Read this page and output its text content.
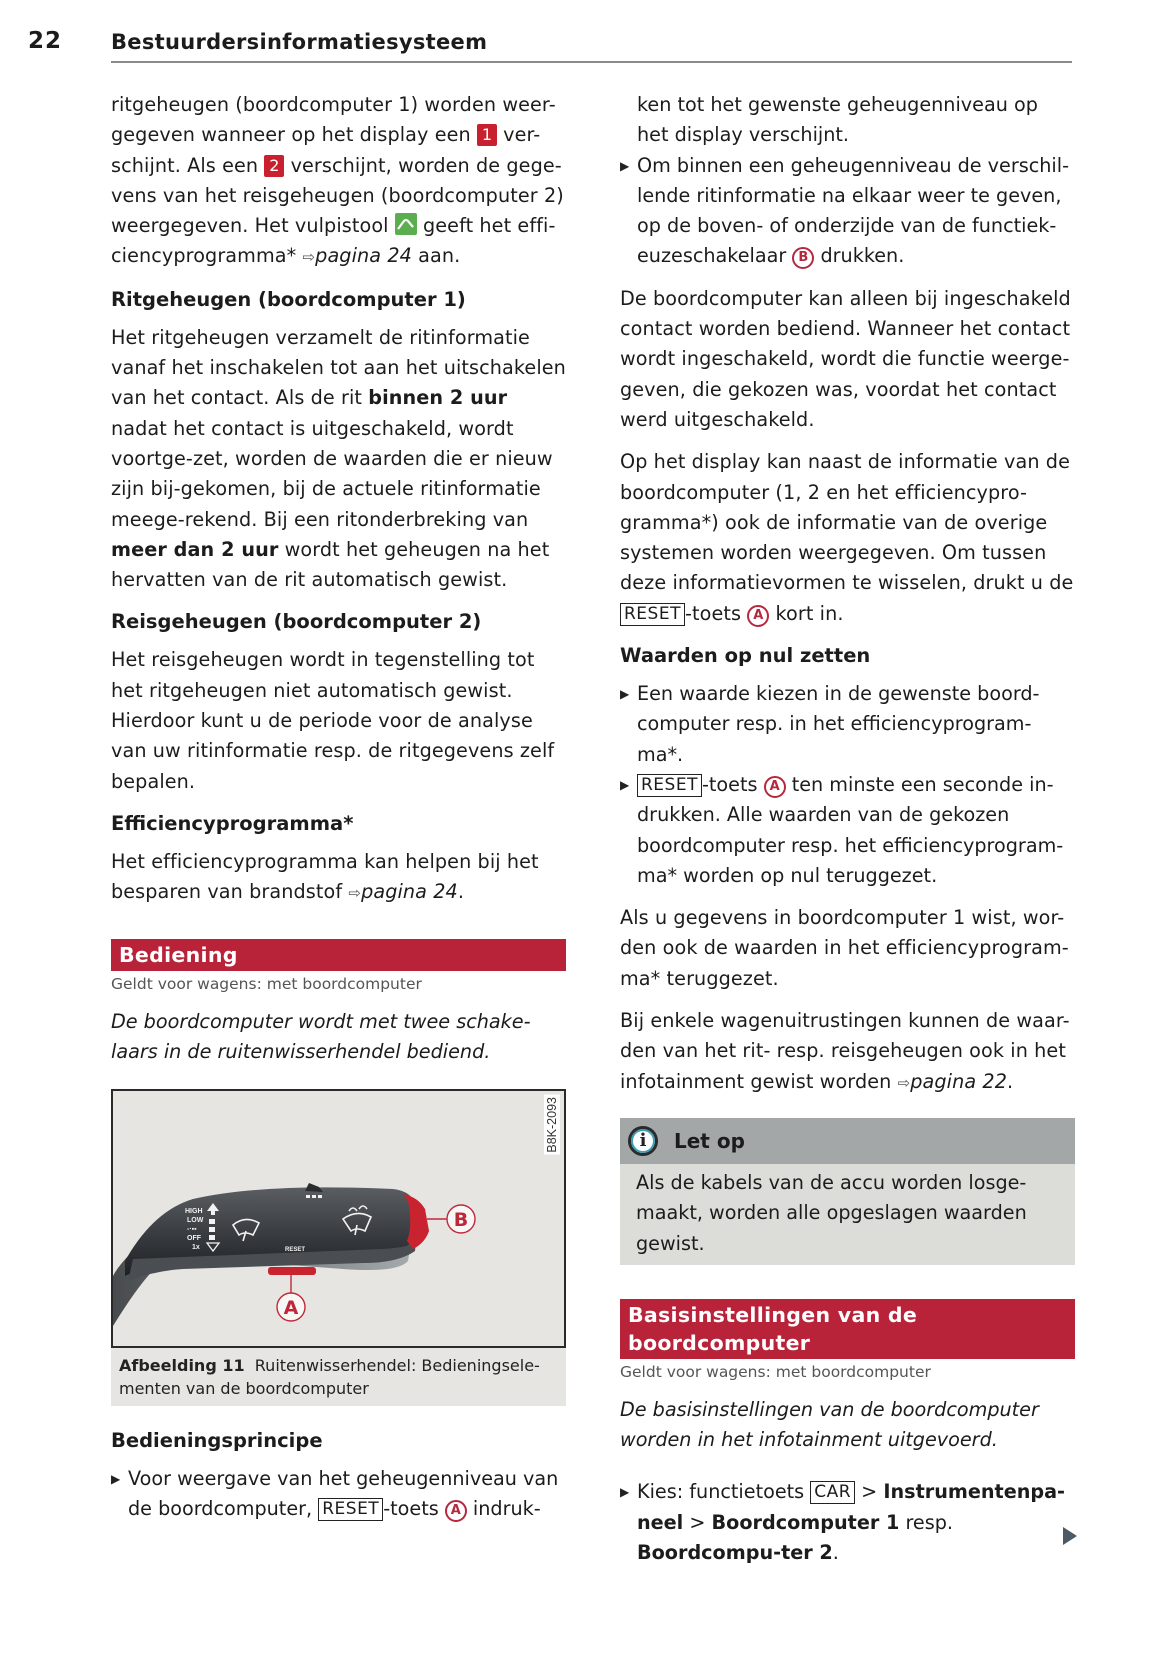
22 Bestuurdersinformatiesysteem

ritgeheugen (boordcomputer 1) worden weer-gegeven wanneer op het display een 1 ver-schijnt. Als een 2 verschijnt, worden de gege-vens van het reisgeheugen (boordcomputer 2) weergegeven. Het vulpistool
geeft het effi-ciencyprogramma* ⇨pagina 24 aan.

Ritgeheugen (boordcomputer 1)

Het ritgeheugen verzamelt de ritinformatie vanaf het inschakelen tot aan het uitschakelen van het contact. Als de rit binnen 2 uur nadat het contact is uitgeschakeld, wordt voortge-zet, worden de waarden die er nieuw zijn bij-gekomen, bij de actuele ritinformatie meege-rekend. Bij een ritonderbreking van meer dan 2 uur wordt het geheugen na het hervatten van de rit automatisch gewist.

Reisgeheugen (boordcomputer 2)

Het reisgeheugen wordt in tegenstelling tot het ritgeheugen niet automatisch gewist. Hierdoor kunt u de periode voor de analyse van uw ritinformatie resp. de ritgegevens zelf bepalen.

Efficiencyprogramma*

Het efficiencyprogramma kan helpen bij het besparen van brandstof ⇨pagina 24.

Bediening
Geldt voor wagens: met boordcomputer
De boordcomputer wordt met twee schake-laars in de ruitenwisserhendel bediend.
B8K-2093
HIGH
LOW
-·▪▪
OFF
1x	RESET
B
A
Afbeelding 11 Ruitenwisserhendel: Bedieningsele-menten van de boordcomputer
Bedieningsprincipe
▶ Voor weergave van het geheugenniveau van de boordcomputer, RESET -toets A indruk-
ken tot het gewenste geheugenniveau op het display verschijnt.
▶ Om binnen een geheugenniveau de verschil-lende ritinformatie na elkaar weer te geven, op de boven- of onderzijde van de functiek-euzeschakelaar B drukken.

De boordcomputer kan alleen bij ingeschakeld contact worden bediend. Wanneer het contact wordt ingeschakeld, wordt die functie weerge-geven, die gekozen was, voordat het contact werd uitgeschakeld.

Op het display kan naast de informatie van de boordcomputer (1, 2 en het efficiencypro-gramma*) ook de informatie van de overige systemen worden weergegeven. Om tussen deze informatievormen te wisselen, drukt u de RESET -toets A kort in.

Waarden op nul zetten
▶ Een waarde kiezen in de gewenste boord-computer resp. in het efficiencyprogram-ma*.
▶ RESET -toets A ten minste een seconde in-drukken. Alle waarden van de gekozen boordcomputer resp. het efficiencyprogram-ma* worden op nul teruggezet.

Als u gegevens in boordcomputer 1 wist, wor-den ook de waarden in het efficiencyprogram-ma* teruggezet.

Bij enkele wagenuitrustingen kunnen de waar-den van het rit- resp. reisgeheugen ook in het infotainment gewist worden ⇨pagina 22.

i	Let op
Als de kabels van de accu worden losge-maakt, worden alle opgeslagen waarden gewist.
Basisinstellingen van de boordcomputer
Geldt voor wagens: met boordcomputer
De basisinstellingen van de boordcomputer worden in het infotainment uitgevoerd.
▶ Kies: functietoets CAR > Instrumentenpa-neel > Boordcomputer 1 resp. Boordcompu-ter 2.
